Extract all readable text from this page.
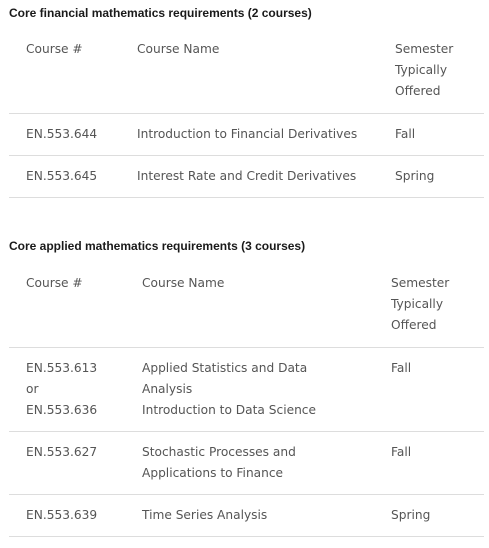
Core financial mathematics requirements (2 courses)
Course #	Course Name	Semester
Typically
Offered

EN.553.644	Introduction to Financial Derivatives	Fall

EN.553.645	Interest Rate and Credit Derivatives	Spring
Core applied mathematics requirements (3 courses)
Course #	Course Name	Semester
Typically
Offered

EN.553.613
or
EN.553.636	Applied Statistics and Data
Analysis
Introduction to Data Science	Fall

EN.553.627	Stochastic Processes and
Applications to Finance	Fall

EN.553.639	Time Series Analysis	Spring
